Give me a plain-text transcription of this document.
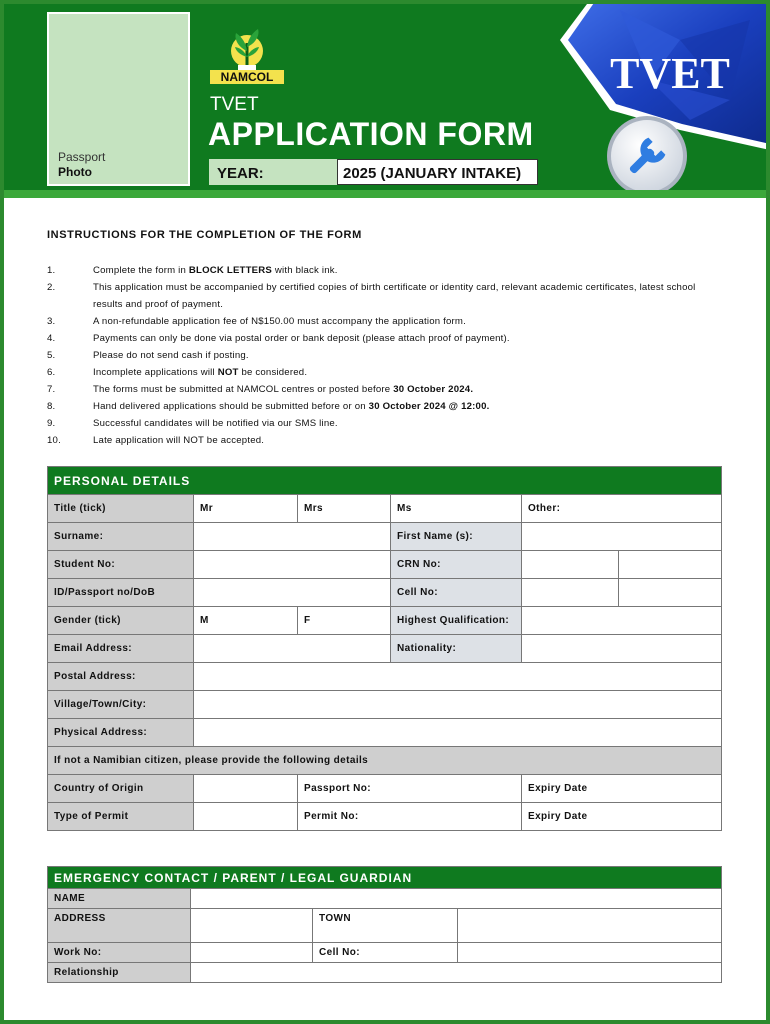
Passport
Photo
NAMCOL
TVET
APPLICATION FORM
YEAR:	2025 (JANUARY INTAKE)
TVET
INSTRUCTIONS FOR THE COMPLETION OF THE FORM
1.	Complete the form in BLOCK LETTERS with black ink.
2.	This application must be accompanied by certified copies of birth certificate or identity card, relevant academic certificates, latest school results and proof of payment.
3.	A non-refundable application fee of N$150.00 must accompany the application form.
4.	Payments can only be done via postal order or bank deposit (please attach proof of payment).
5.	Please do not send cash if posting.
6.	Incomplete applications will NOT be considered.
7.	The forms must be submitted at NAMCOL centres or posted before 30 October 2024.
8.	Hand delivered applications should be submitted before or on 30 October 2024 @ 12:00.
9.	Successful candidates will be notified via our SMS line.
10.	Late application will NOT be accepted.
PERSONAL DETAILS					
Title (tick)	Mr	Mrs	Ms	Other:	
Surname:			First Name (s):		
Student No:			CRN No:		
ID/Passport no/DoB			Cell No:		
Gender (tick)	M	F	Highest Qualification:		
Email Address:			Nationality:		
Postal Address:					
Village/Town/City:					
Physical Address:					
If not a Namibian citizen, please provide the following details					
Country of Origin		Passport No:		Expiry Date	
Type of Permit		Permit No:		Expiry Date	
EMERGENCY CONTACT / PARENT / LEGAL GUARDIAN			
NAME			
ADDRESS		TOWN	
Work No:		Cell No:	
Relationship			
